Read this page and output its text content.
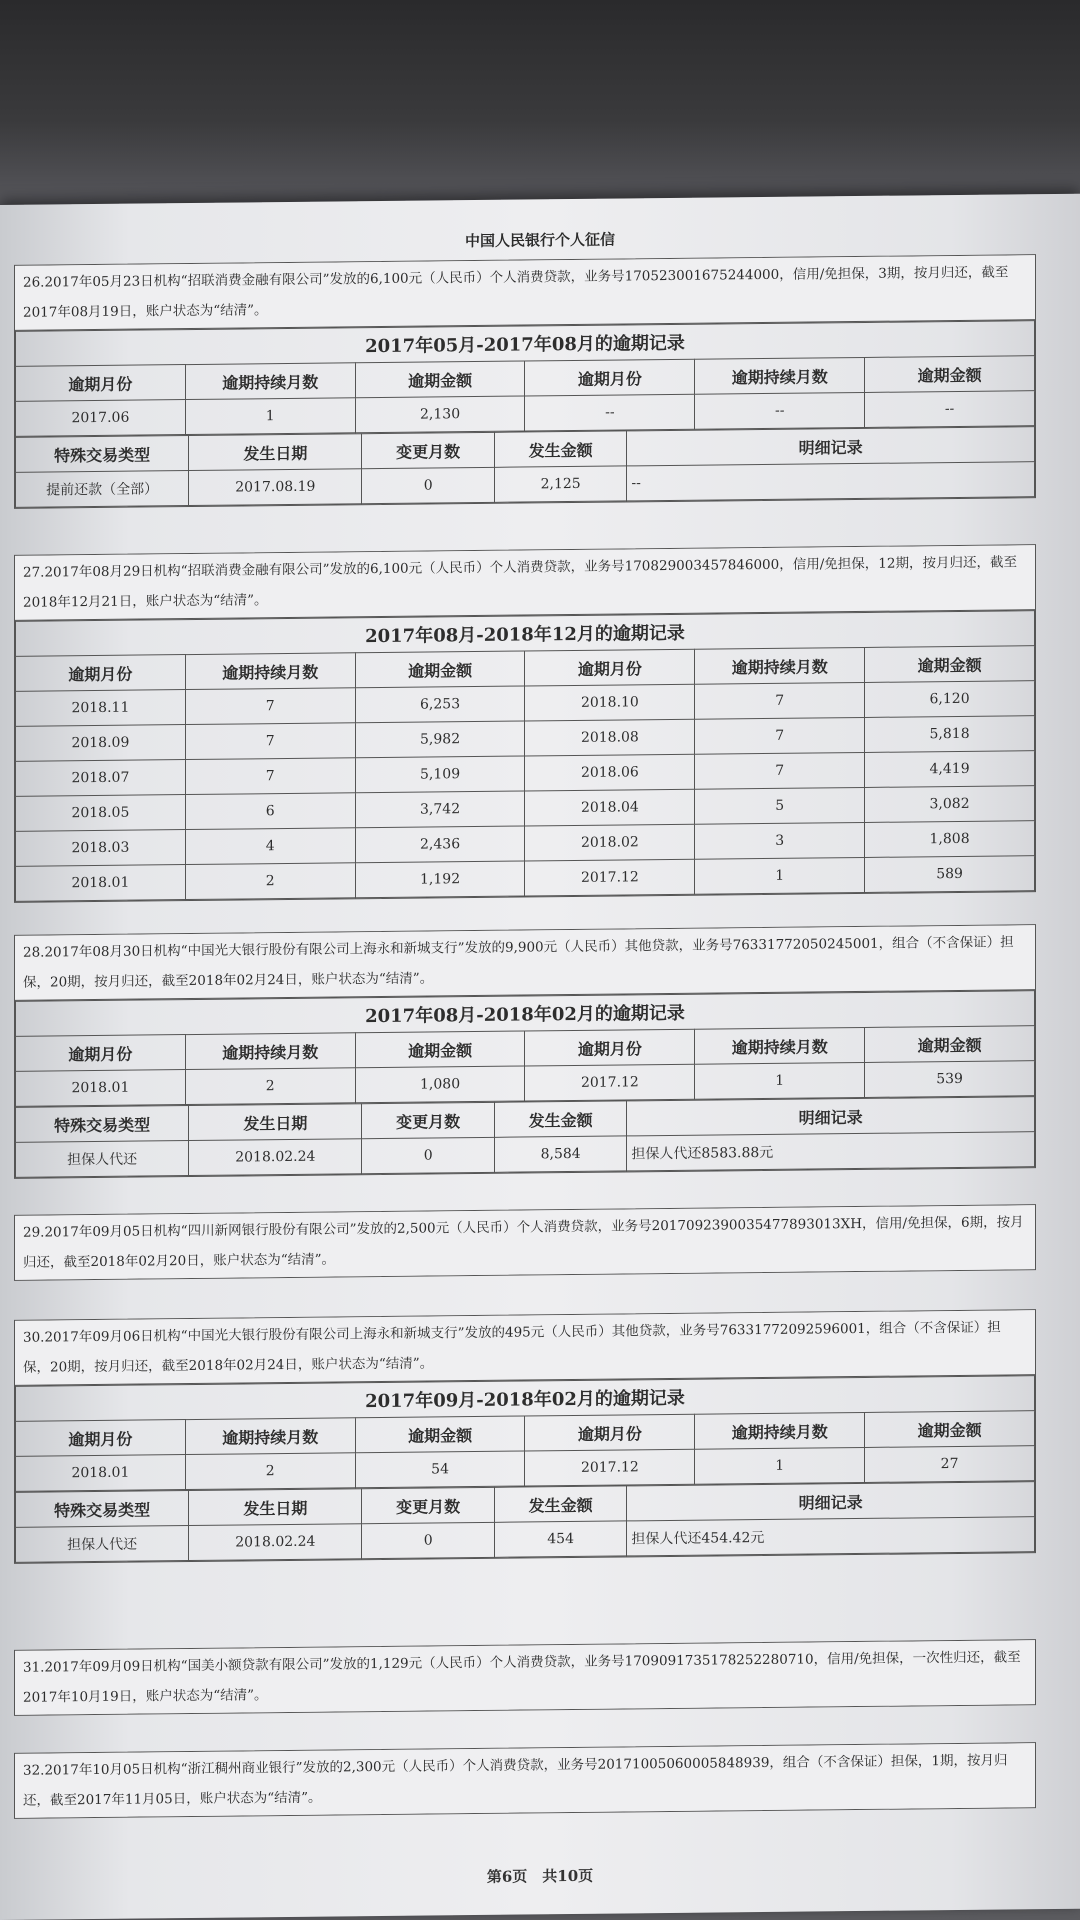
中国人民银行个人征信
26.2017年05月23日机构“招联消费金融有限公司”发放的6,100元（人民币）个人消费贷款，业务号17052300167524400​0，信用/免担保，3期，按月归还，截至2017年08月19日，账户状态为“结清”。
2017年05月-2017年08月的逾期记录					
逾期月份	逾期持续月数	逾期金额	逾期月份	逾期持续月数	逾期金额
2017.06	1	2,130	--	--	--
特殊交易类型	发生日期	变更月数	发生金额	明细记录
提前还款（全部）	2017.08.19	0	2,125	--
27.2017年08月29日机构“招联消费金融有限公司”发放的6,100元（人民币）个人消费贷款，业务号170829003457846000，信用/免担保，12期，按月归还，截至2018年12月21日，账户状态为“结清”。
2017年08月-2018年12月的逾期记录					
逾期月份	逾期持续月数	逾期金额	逾期月份	逾期持续月数	逾期金额
2018.11	7	6,253	2018.10	7	6,120
2018.09	7	5,982	2018.08	7	5,818
2018.07	7	5,109	2018.06	7	4,419
2018.05	6	3,742	2018.04	5	3,082
2018.03	4	2,436	2018.02	3	1,808
2018.01	2	1,192	2017.12	1	589
28.2017年08月30日机构“中国光大银行股份有限公司上海永和新城支行”发放的9,900元（人民币）其他贷款，业务号76331772050245001，组合（不含保证）担保，20期，按月归还，截至2018年02月24日，账户状态为“结清”。
2017年08月-2018年02月的逾期记录					
逾期月份	逾期持续月数	逾期金额	逾期月份	逾期持续月数	逾期金额
2018.01	2	1,080	2017.12	1	539
特殊交易类型	发生日期	变更月数	发生金额	明细记录
担保人代还	2018.02.24	0	8,584	担保人代还8583.88元
29.2017年09月05日机构“四川新网银行股份有限公司”发放的2,500元（人民币）个人消费贷款，业务号2017092390035477893013XH，信用/免担保，6期，按月归还，截至2018年02月20日，账户状态为“结清”。
30.2017年09月06日机构“中国光大银行股份有限公司上海永和新城支行”发放的495元（人民币）其他贷款，业务号76331772092596001，组合（不含保证）担保，20期，按月归还，截至2018年02月24日，账户状态为“结清”。
2017年09月-2018年02月的逾期记录					
逾期月份	逾期持续月数	逾期金额	逾期月份	逾期持续月数	逾期金额
2018.01	2	54	2017.12	1	27
特殊交易类型	发生日期	变更月数	发生金额	明细记录
担保人代还	2018.02.24	0	454	担保人代还454.42元
31.2017年09月09日机构“国美小额贷款有限公司”发放的1,129元（人民币）个人消费贷款，业务号1709091735178252280710，信用/免担保，一次性归还，截至2017年10月19日，账户状态为“结清”。
32.2017年10月05日机构“浙江稠州商业银行”发放的2,300元（人民币）个人消费贷款，业务号20171005060005848939，组合（不含保证）担保，1期，按月归还，截至2017年11月05日，账户状态为“结清”。
第6页　共10页
